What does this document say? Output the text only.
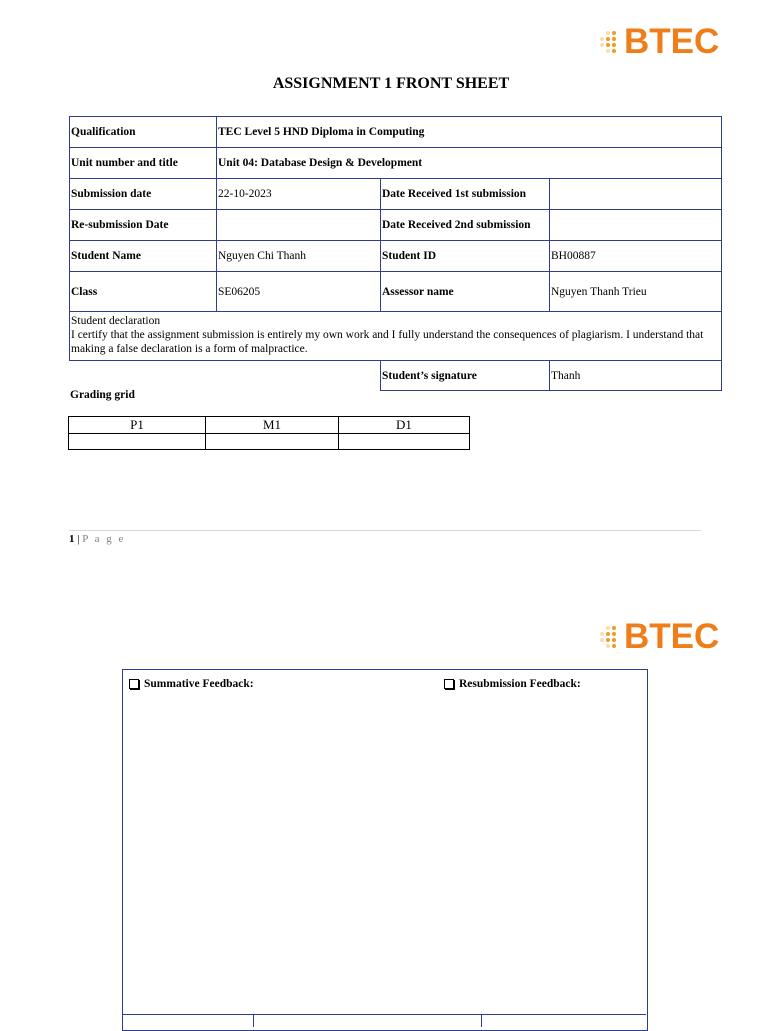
BTEC
ASSIGNMENT 1 FRONT SHEET
Qualification	TEC Level 5 HND Diploma in Computing		
Unit number and title	Unit 04: Database Design & Development		
Submission date	22-10-2023	Date Received 1st submission	
Re-submission Date		Date Received 2nd submission	
Student Name	Nguyen Chi Thanh	Student ID	BH00887
Class	SE06205	Assessor name	Nguyen Thanh Trieu

Student declaration
I certify that the assignment submission is entirely my own work and I fully understand the consequences of plagiarism. I understand that making a false declaration is a form of malpractice.			

		Student’s signature	Thanh
Grading grid
P1	M1	D1

1 | P a g e
BTEC
Summative Feedback:	Resubmission Feedback:
